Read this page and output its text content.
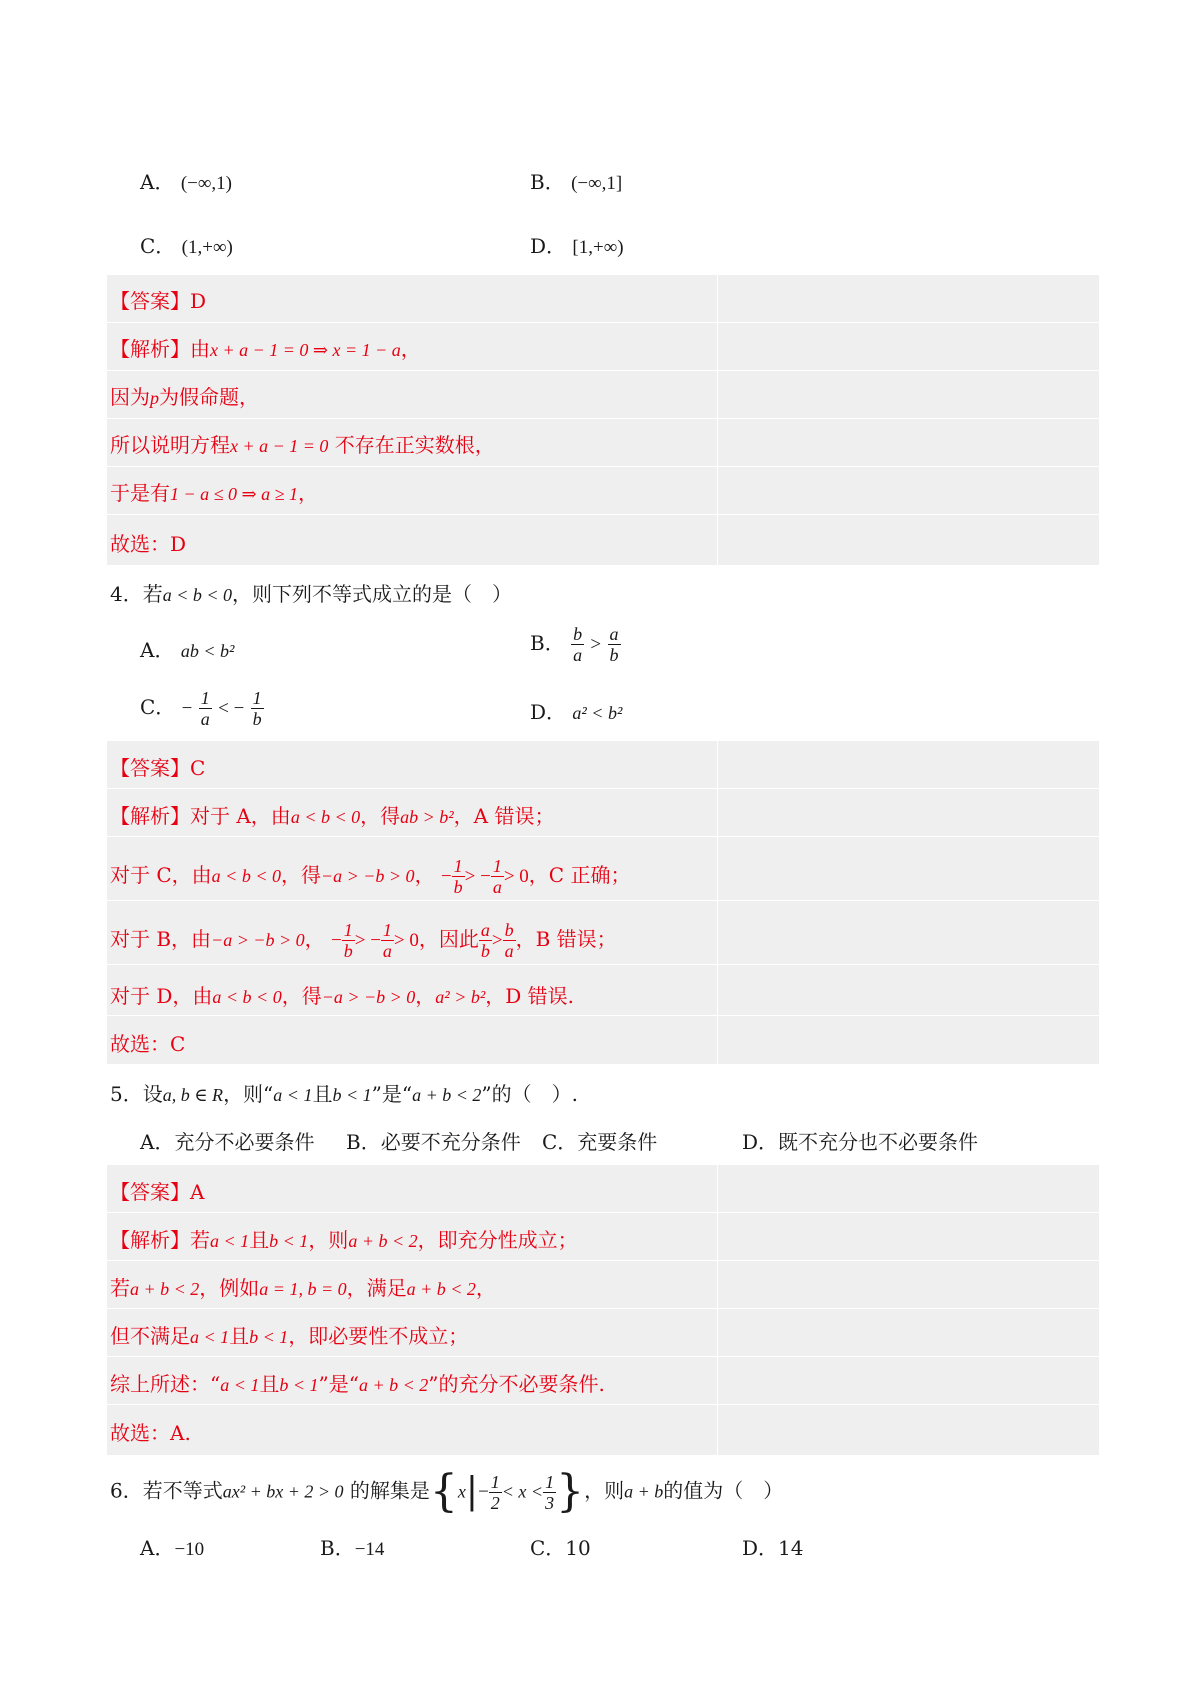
A． (−∞,1)	B． (−∞,1]
C． (1,+∞)	D． [1,+∞)
【答案】D
【解析】由x + a − 1 = 0 ⇒ x = 1 − a，
因为p为假命题，
所以说明方程x + a − 1 = 0 不存在正实数根，
于是有1 − a ≤ 0 ⇒ a ≥ 1，
故选：D
4．若a < b < 0，则下列不等式成立的是（　）
A． ab < b²	B． $\frac{b}{a} > \frac{a}{b}$
C． − $\frac{1}{a}$ < − $\frac{1}{b}$	D． a² < b²
【答案】C
【解析】对于 A，由a < b < 0，得ab > b²，A 错误；
对于 C，由a < b < 0，得−a > −b > 0， − $\frac{1}{b}$ > − $\frac{1}{a} > 0$，C 正确；
对于 B，由−a > −b > 0， − $\frac{1}{b}$ > − $\frac{1}{a} > 0$，因此 $\frac{a}{b} > \frac{b}{a}$ ，B 错误；
对于 D，由a < b < 0，得−a > −b > 0，a² > b²，D 错误.
故选：C
5．设a, b ∈ R，则“a < 1且b < 1”是“a + b < 2”的（　）.
A．充分不必要条件 B．必要不充分条件 C．充要条件	D．既不充分也不必要条件
【答案】A
【解析】若a < 1且b < 1，则a + b < 2，即充分性成立；
若a + b < 2，例如a = 1, b = 0，满足a + b < 2，
但不满足a < 1且b < 1，即必要性不成立；
综上所述：“a < 1且b < 1”是“a + b < 2”的充分不必要条件.
故选：A.
6．若不等式ax² + bx + 2 > 0 的解集是{$x|- \frac{1}{2} < x < \frac{1}{3}$ }，则a + b的值为（　）
A．−10	B．−14	C．10	D．14
